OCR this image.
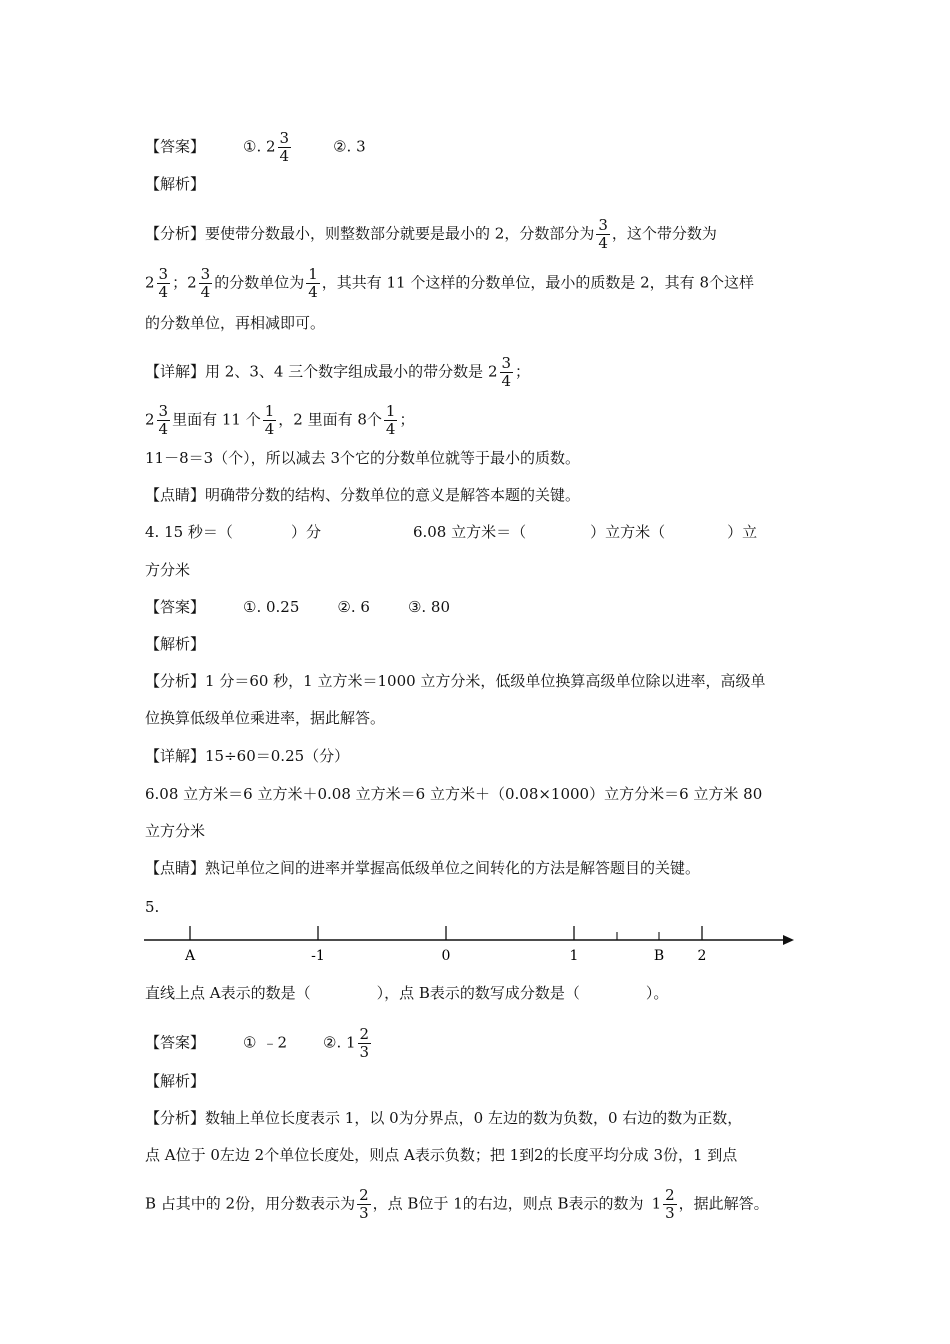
【答案】	①. $2 \frac{3}{4}$	②. 3
【解析】
【分析】要使带分数最小，则整数部分就要是最小的 2，分数部分为 $\frac{3}{4}$ ，这个带分数为
$2 \frac{3}{4}$ ；$2 \frac{3}{4}$ 的分数单位为 $\frac{1}{4}$ ，其共有 11 个这样的分数单位，最小的质数是 2，其有 8个这样
的分数单位，再相减即可。
【详解】用 2、3、4 三个数字组成最小的带分数是 $2 \frac{3}{4}$ ；
$2 \frac{3}{4}$ 里面有 11 个 $\frac{1}{4}$ ，2 里面有 8个 $\frac{1}{4}$ ；
11－8＝3（个），所以减去 3个它的分数单位就等于最小的质数。
【点睛】明确带分数的结构、分数单位的意义是解答本题的关键。
4. 15 秒＝（	）分	6.08 立方米＝（	）立方米（	）立
方分米
【答案】	①. 0.25	②. 6	③. 80
【解析】
【分析】1 分＝60 秒，1 立方米＝1000 立方分米，低级单位换算高级单位除以进率，高级单
位换算低级单位乘进率，据此解答。
【详解】15÷60＝0.25（分）
6.08 立方米＝6 立方米＋0.08 立方米＝6 立方米＋（0.08×1000）立方分米＝6 立方米 80
立方分米
【点睛】熟记单位之间的进率并掌握高低级单位之间转化的方法是解答题目的关键。
5.
A	-1	0	1	B 2
直线上点 A表示的数是（	），点 B表示的数写成分数是（	）。
【答案】	① ﹣2 ②. $1 \frac{2}{3}$
【解析】
【分析】数轴上单位长度表示 1，以 0为分界点，0 左边的数为负数，0 右边的数为正数，
点 A位于 0左边 2个单位长度处，则点 A表示负数；把 1到2的长度平均分成 3份，1 到点
B 占其中的 2份，用分数表示为 $\frac{2}{3}$ ，点 B位于 1的右边，则点 B表示的数为 $1 \frac{2}{3}$ ，据此解答。
